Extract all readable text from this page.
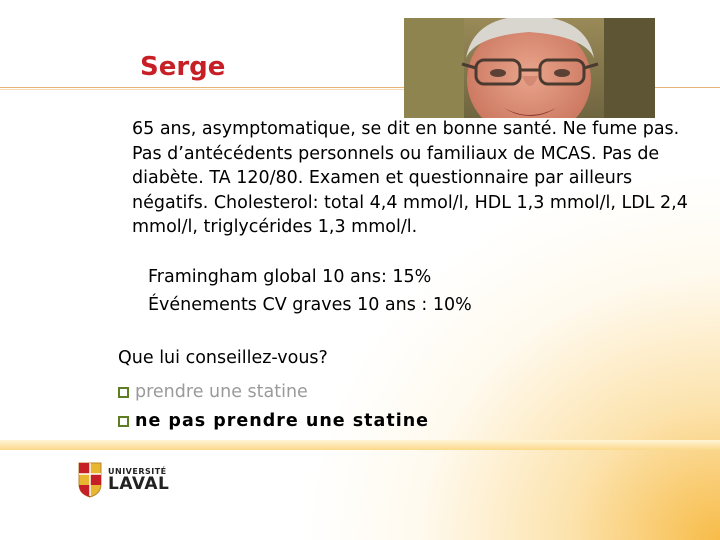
Serge
65 ans, asymptomatique, se dit en bonne santé. Ne fume pas. Pas d’antécédents personnels ou familiaux de MCAS. Pas de diabète. TA 120/80. Examen et questionnaire par ailleurs négatifs. Cholesterol: total 4,4 mmol/l, HDL 1,3 mmol/l, LDL 2,4 mmol/l, triglycérides 1,3 mmol/l.
Framingham global 10 ans: 15%
Événements CV graves 10 ans : 10%
Que lui conseillez-vous?
prendre une statine
ne pas prendre une statine
UNIVERSITÉ
LAVAL
